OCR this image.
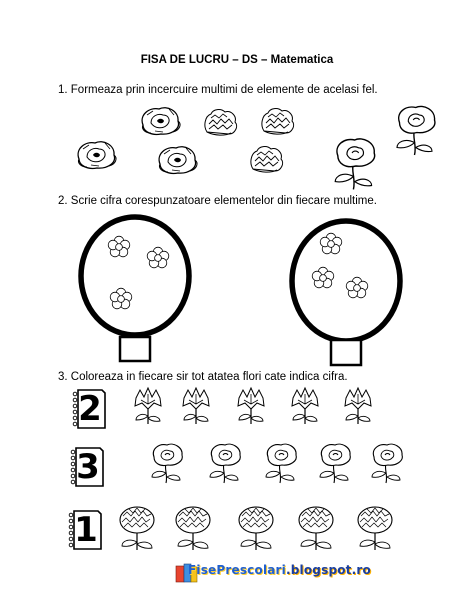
FISA DE LUCRU – DS – Matematica
1. Formeaza prin incercuire multimi de elemente de acelasi fel.
2. Scrie cifra corespunzatoare elementelor din fiecare multime.
3. Coloreaza in fiecare sir tot atatea flori cate indica cifra.
2
3
1
FisePrescolari.blogspot.ro
